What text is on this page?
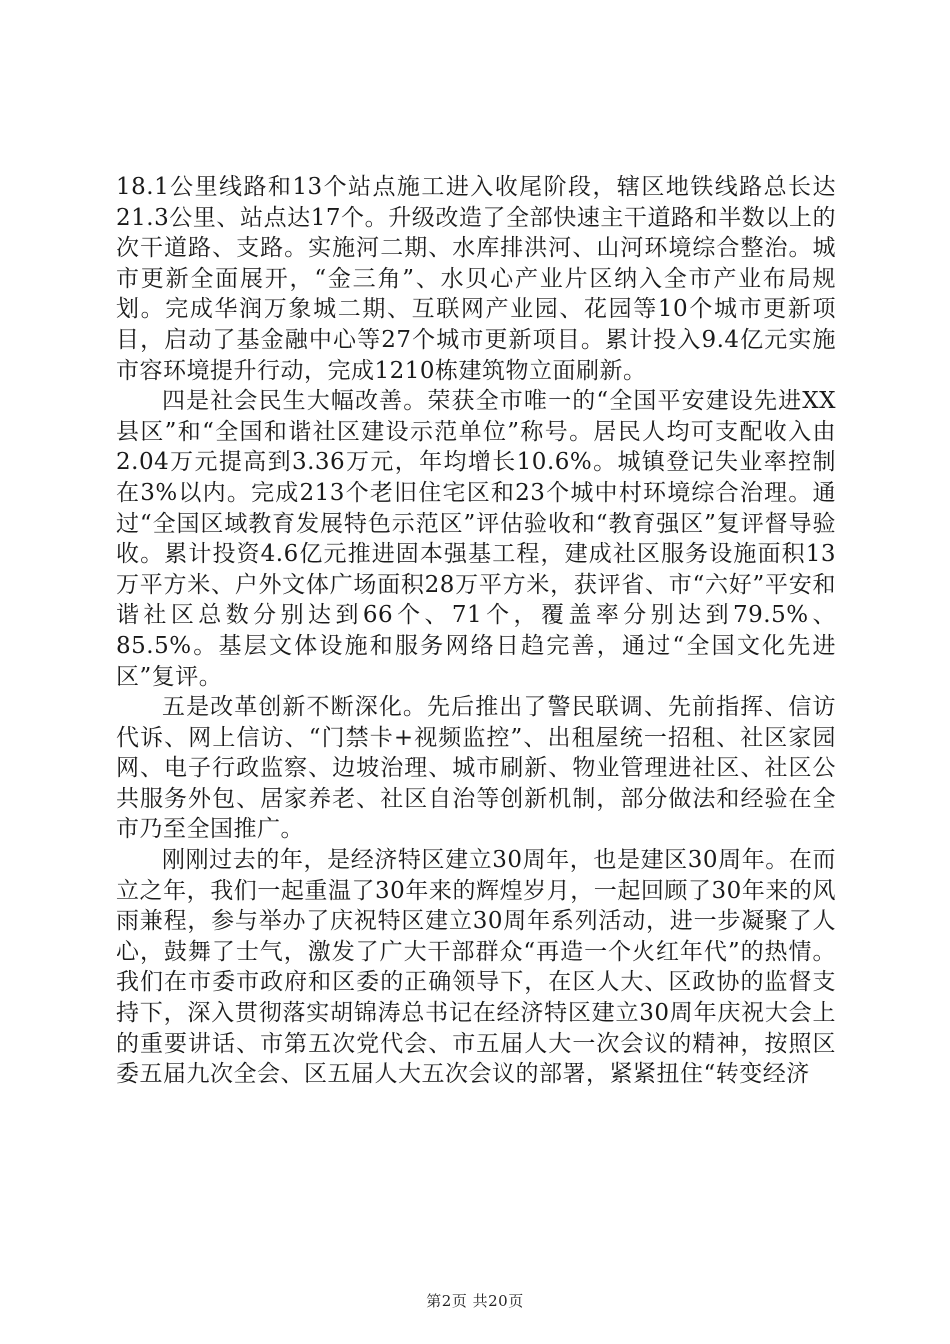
18.1公里线路和13个站点施工进入收尾阶段，辖区地铁线路总长达21.3公里、站点达17个。升级改造了全部快速主干道路和半数以上的次干道路、支路。实施河二期、水库排洪河、山河环境综合整治。城市更新全面展开，“金三角”、水贝心产业片区纳入全市产业布局规划。完成华润万象城二期、互联网产业园、花园等10个城市更新项目，启动了基金融中心等27个城市更新项目。累计投入9.4亿元实施市容环境提升行动，完成1210栋建筑物立面刷新。

四是社会民生大幅改善。荣获全市唯一的“全国平安建设先进XX县区”和“全国和谐社区建设示范单位”称号。居民人均可支配收入由2.04万元提高到3.36万元，年均增长10.6%。城镇登记失业率控制在3%以内。完成213个老旧住宅区和23个城中村环境综合治理。通过“全国区域教育发展特色示范区”评估验收和“教育强区”复评督导验收。累计投资4.6亿元推进固本强基工程，建成社区服务设施面积13万平方米、户外文体广场面积28万平方米，获评省、市“六好”平安和谐社区总数分别达到66个、71个，覆盖率分别达到79.5%、85.5%。基层文体设施和服务网络日趋完善，通过“全国文化先进区”复评。

五是改革创新不断深化。先后推出了警民联调、先前指挥、信访代诉、网上信访、“门禁卡+视频监控”、出租屋统一招租、社区家园网、电子行政监察、边坡治理、城市刷新、物业管理进社区、社区公共服务外包、居家养老、社区自治等创新机制，部分做法和经验在全市乃至全国推广。

刚刚过去的年，是经济特区建立30周年，也是建区30周年。在而立之年，我们一起重温了30年来的辉煌岁月，一起回顾了30年来的风雨兼程，参与举办了庆祝特区建立30周年系列活动，进一步凝聚了人心，鼓舞了士气，激发了广大干部群众“再造一个火红年代”的热情。我们在市委市政府和区委的正确领导下，在区人大、区政协的监督支持下，深入贯彻落实胡锦涛总书记在经济特区建立30周年庆祝大会上的重要讲话、市第五次党代会、市五届人大一次会议的精神，按照区委五届九次全会、区五届人大五次会议的部署，紧紧扭住“转变经济

第2页 共20页
